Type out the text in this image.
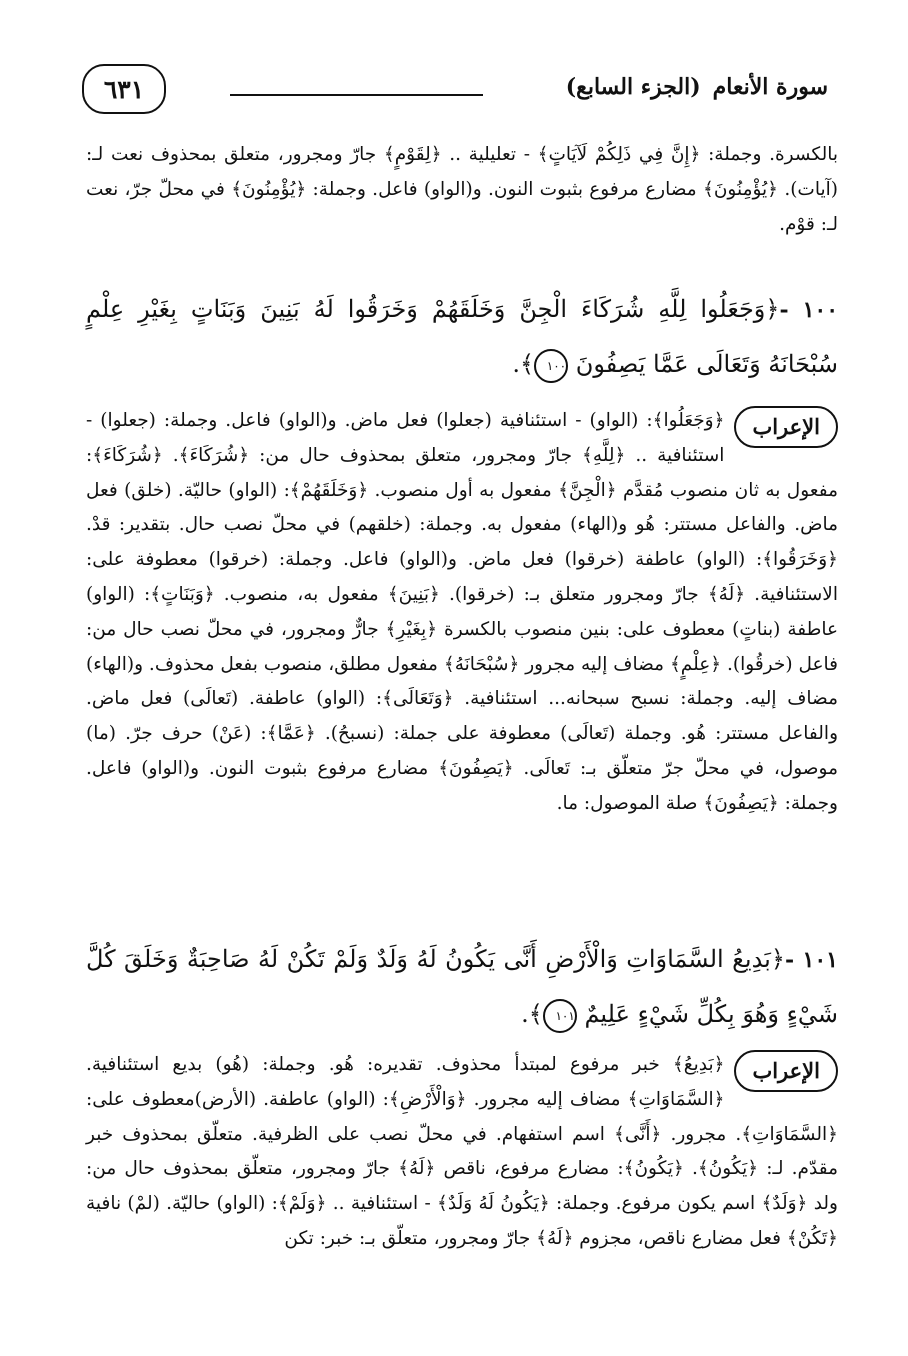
سورة الأنعام(الجزء السابع)
٦٣١
بالكسرة. وجملة: ﴿إِنَّ فِي ذَلِكُمْ لَآيَاتٍ﴾ - تعليلية .. ﴿لِقَوْمٍ﴾ جارّ ومجرور، متعلق بمحذوف نعت لـ: (آيات). ﴿يُؤْمِنُونَ﴾ مضارع مرفوع بثبوت النون. و(الواو) فاعل. وجملة: ﴿يُؤْمِنُونَ﴾ في محلّ جرّ، نعت لـ: قوْم.
١٠٠ -﴿وَجَعَلُوا لِلَّهِ شُرَكَاءَ الْجِنَّ وَخَلَقَهُمْ وَخَرَقُوا لَهُ بَنِينَ وَبَنَاتٍ بِغَيْرِ عِلْمٍ سُبْحَانَهُ وَتَعَالَى عَمَّا يَصِفُونَ ١٠٠﴾.
الإعراب
﴿وَجَعَلُوا﴾: (الواو) - استئنافية (جعلوا) فعل ماض. و(الواو) فاعل. وجملة: (جعلوا) - استئنافية .. ﴿لِلَّهِ﴾ جارّ ومجرور، متعلق بمحذوف حال من: ﴿شُرَكَاءَ﴾. ﴿شُرَكَاءَ﴾: مفعول به ثان منصوب مُقدَّم ﴿الْجِنَّ﴾ مفعول به أول منصوب. ﴿وَخَلَقَهُمْ﴾: (الواو) حاليّة. (خلق) فعل ماض. والفاعل مستتر: هُو و(الهاء) مفعول به. وجملة: (خلقهم) في محلّ نصب حال. بتقدير: قدْ. ﴿وَخَرَقُوا﴾: (الواو) عاطفة (خرقوا) فعل ماض. و(الواو) فاعل. وجملة: (خرقوا) معطوفة على: الاستئنافية. ﴿لَهُ﴾ جارّ ومجرور متعلق بـ: (خرقوا). ﴿بَنِينَ﴾ مفعول به، منصوب. ﴿وَبَنَاتٍ﴾: (الواو) عاطفة (بناتٍ) معطوف على: بنين منصوب بالكسرة ﴿بِغَيْرِ﴾ جارٌّ ومجرور، في محلّ نصب حال من: فاعل (خرقُوا). ﴿عِلْمٍ﴾ مضاف إليه مجرور ﴿سُبْحَانَهُ﴾ مفعول مطلق، منصوب بفعل محذوف. و(الهاء) مضاف إليه. وجملة: نسبح سبحانه... استئنافية. ﴿وَتَعَالَى﴾: (الواو) عاطفة. (تَعالَى) فعل ماض. والفاعل مستتر: هُو. وجملة (تَعالَى) معطوفة على جملة: (نسبحُ). ﴿عَمَّا﴾: (عَنْ) حرف جرّ. (ما) موصول، في محلّ جرّ متعلّق بـ: تَعالَى. ﴿يَصِفُونَ﴾ مضارع مرفوع بثبوت النون. و(الواو) فاعل. وجملة: ﴿يَصِفُونَ﴾ صلة الموصول: ما.
١٠١ -﴿بَدِيعُ السَّمَاوَاتِ وَالْأَرْضِ أَنَّى يَكُونُ لَهُ وَلَدٌ وَلَمْ تَكُنْ لَهُ صَاحِبَةٌ وَخَلَقَ كُلَّ شَيْءٍ وَهُوَ بِكُلِّ شَيْءٍ عَلِيمٌ ١٠١﴾.
الإعراب
﴿بَدِيعُ﴾ خبر مرفوع لمبتدأ محذوف. تقديره: هُو. وجملة: (هُو) بديع استئنافية. ﴿السَّمَاوَاتِ﴾ مضاف إليه مجرور. ﴿وَالْأَرْضِ﴾: (الواو) عاطفة. (الأرض)معطوف على: ﴿السَّمَاوَاتِ﴾. مجرور. ﴿أَنَّى﴾ اسم استفهام. في محلّ نصب على الظرفية. متعلّق بمحذوف خبر مقدّم. لـ: ﴿يَكُونُ﴾. ﴿يَكُونُ﴾: مضارع مرفوع، ناقص ﴿لَهُ﴾ جارّ ومجرور، متعلّق بمحذوف حال من: ولد ﴿وَلَدٌ﴾ اسم يكون مرفوع. وجملة: ﴿يَكُونُ لَهُ وَلَدٌ﴾ - استئنافية .. ﴿وَلَمْ﴾: (الواو) حاليّة. (لمْ) نافية ﴿تَكُنْ﴾ فعل مضارع ناقص، مجزوم ﴿لَهُ﴾ جارّ ومجرور، متعلّق بـ: خبر: تكن
